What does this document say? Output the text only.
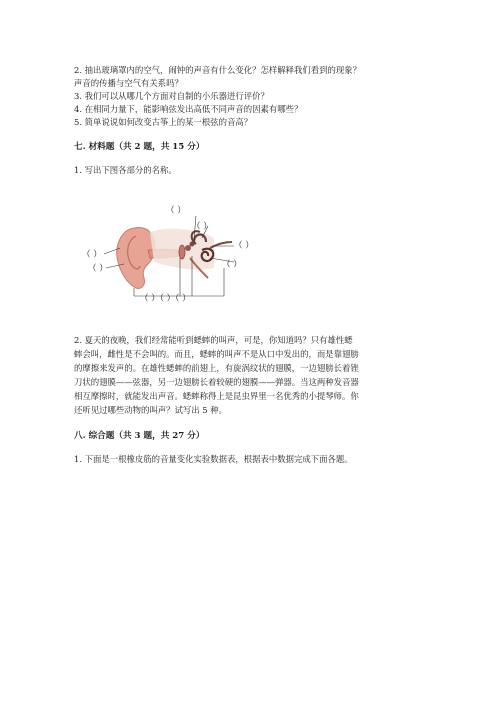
2. 抽出玻璃罩内的空气，闹钟的声音有什么变化？怎样解释我们看到的现象？
声音的传播与空气有关系吗？
3. 我们可以从哪几个方面对自制的小乐器进行评价？
4. 在相同力量下，能影响弦发出高低不同声音的因素有哪些？
5. 简单说说如何改变古筝上的某一根弦的音高？
七. 材料题（共 2 题，共 15 分）
1. 写出下图各部分的名称。
（ ）
（ ）
（ ）
（ ）
（ ）
（ ）
（ ）（ ）（ ）
2. 夏天的夜晚，我们经常能听到蟋蟀的叫声，可是，你知道吗？只有雄性蟋
蟀会叫，雌性是不会叫的。而且，蟋蟀的叫声不是从口中发出的，而是靠翅膀
的摩擦来发声的。在雄性蟋蟀的前翅上，有旋涡纹状的翅膜，一边翅膀长着锉
刀状的翅膜——弦器，另一边翅膀长着较硬的翅膜——弹器。当这两种发音器
相互摩擦时，就能发出声音。蟋蟀称得上是昆虫界里一名优秀的小提琴师。你
还听见过哪些动物的叫声？试写出 5 种。
八. 综合题（共 3 题，共 27 分）
1. 下面是一根橡皮筋的音量变化实验数据表，根据表中数据完成下面各题。
